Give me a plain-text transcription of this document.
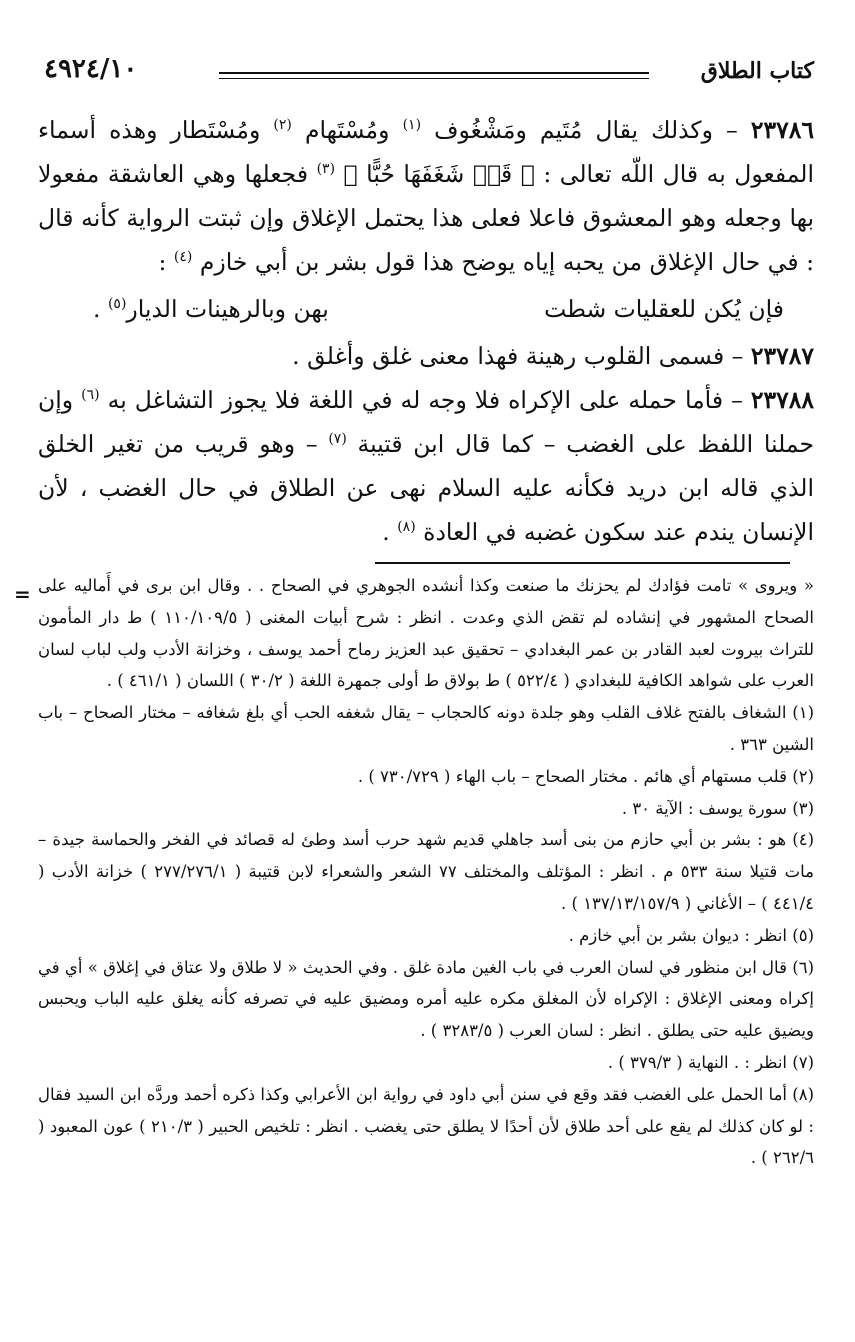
كتاب الطلاق
٤٩٢٤/١٠

٢٣٧٨٦ – وكذلك يقال مُتَيم ومَشْغُوف $^{(١)}$ ومُسْتَهام $^{(٢)}$ ومُسْتَطار وهذه أسماء المفعول به قال اللّه تعالى : ﴿ قَدۡ شَغَفَهَا حُبًّا ﴾ $^{(٣)}$ فجعلها وهي العاشقة مفعولا بها وجعله وهو المعشوق فاعلا فعلى هذا يحتمل الإغلاق وإن ثبتت الرواية كأنه قال : في حال الإغلاق من يحبه إياه يوضح هذا قول بشر بن أبي خازم $^{(٤)}$ :

فإن يُكن للعقليات شطت
بهن وبالرهينات الديار$^{(٥)}$ .

٢٣٧٨٧ – فسمى القلوب رهينة فهذا معنى غلق وأغلق .

٢٣٧٨٨ – فأما حمله على الإكراه فلا وجه له في اللغة فلا يجوز التشاغل به $^{(٦)}$ وإن حملنا اللفظ على الغضب – كما قال ابن قتيبة $^{(٧)}$ – وهو قريب من تغير الخلق الذي قاله ابن دريد فكأنه عليه السلام نهى عن الطلاق في حال الغضب ، لأن الإنسان يندم عند سكون غضبه في العادة $^{(٨)}$ .

= « ويروى » تامت فؤادك لم يحزنك ما صنعت وكذا أنشده الجوهري في الصحاح . . وقال ابن برى في أَماليه على الصحاح المشهور في إنشاده لم تقض الذي وعدت . انظر : شرح أبيات المغنى ( ١١٠/١٠٩/٥ ) ط دار المأمون للتراث بيروت لعبد القادر بن عمر البغدادي – تحقيق عبد العزيز رماح أحمد يوسف ، وخزانة الأدب ولب لباب لسان العرب على شواهد الكافية للبغدادي ( ٥٢٢/٤ ) ط بولاق ط أولى جمهرة اللغة ( ٣٠/٢ ) اللسان ( ٤٦١/١ ) .

(١) الشغاف بالفتح غلاف القلب وهو جلدة دونه كالحجاب – يقال شغفه الحب أي بلغ شغافه – مختار الصحاح – باب الشين ٣٦٣ .

(٢) قلب مستهام أي هائم . مختار الصحاح – باب الهاء ( ٧٣٠/٧٢٩ ) .

(٣) سورة يوسف : الآية ٣٠ .

(٤) هو : بشر بن أبي حازم من بنى أسد جاهلي قديم شهد حرب أسد وطئ له قصائد في الفخر والحماسة جيدة – مات قتيلا سنة ٥٣٣ م . انظر : المؤتلف والمختلف ٧٧ الشعر والشعراء لابن قتيبة ( ٢٧٧/٢٧٦/١ ) خزانة الأدب ( ٤٤١/٤ ) – الأغاني ( ١٣٧/١٣/١٥٧/٩ ) .

(٥) انظر : ديوان بشر بن أبي خازم .

(٦) قال ابن منظور في لسان العرب في باب الغين مادة غلق . وفي الحديث « لا طلاق ولا عتاق في إغلاق » أي في إكراه ومعنى الإغلاق : الإكراه لأن المغلق مكره عليه أمره ومضيق عليه في تصرفه كأنه يغلق عليه الباب ويحبس ويضيق عليه حتى يطلق . انظر : لسان العرب ( ٣٢٨٣/٥ ) .

(٧) انظر : . النهاية ( ٣٧٩/٣ ) .

(٨) أما الحمل على الغضب فقد وقع في سنن أبي داود في رواية ابن الأعرابي وكذا ذكره أحمد وردَّه ابن السيد فقال : لو كان كذلك لم يقع على أحد طلاق لأن أحدًا لا يطلق حتى يغضب . انظر : تلخيص الحبير ( ٢١٠/٣ ) عون المعبود ( ٢٦٢/٦ ) .
